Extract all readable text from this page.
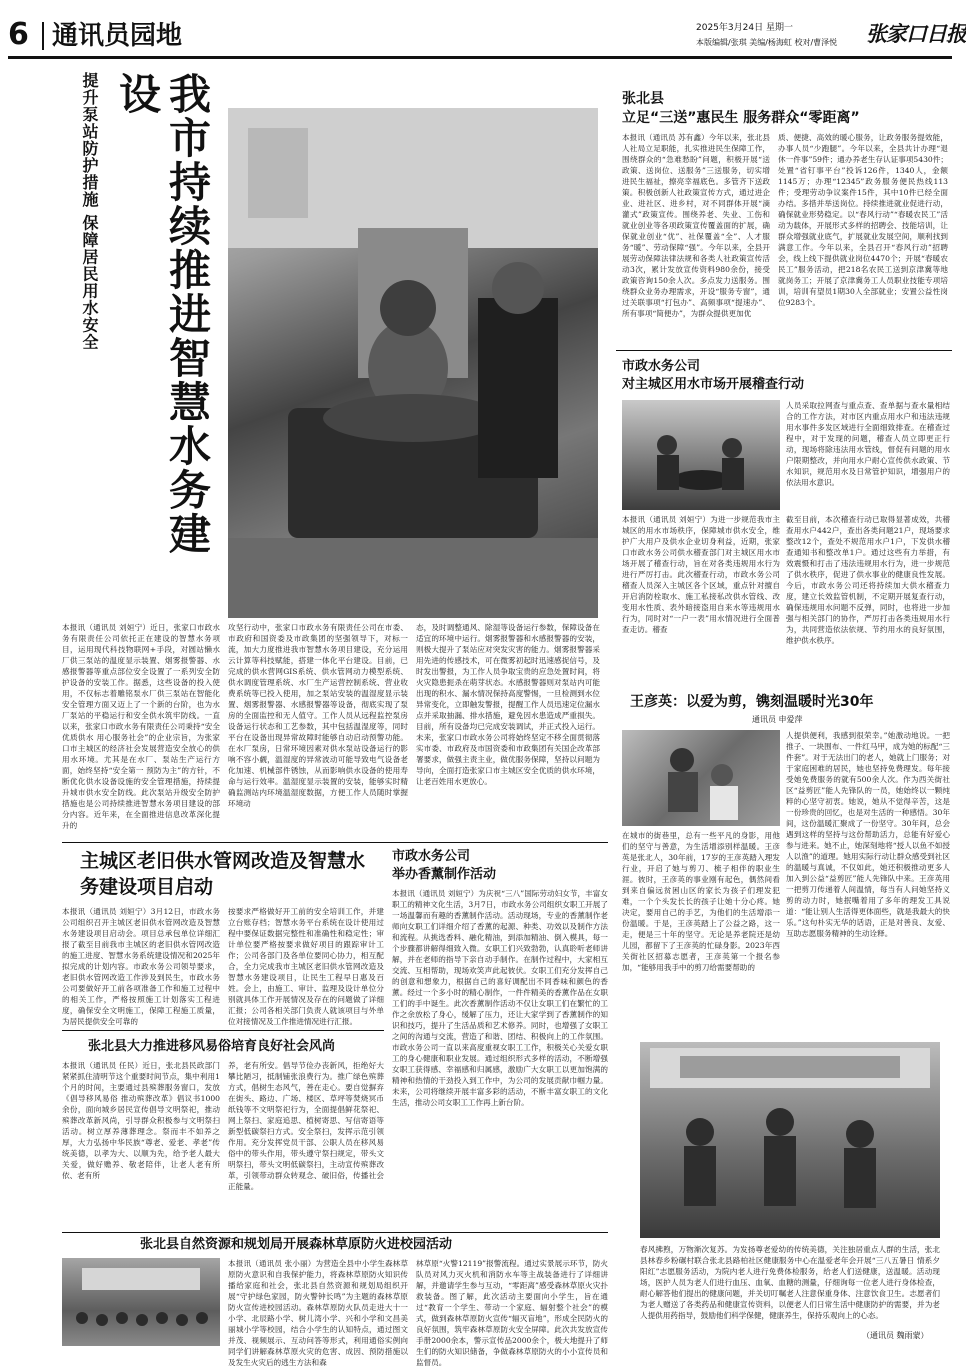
6 通讯员园地	2025年3月24日 星期一
本版编辑/张琪 美编/杨海虹 校对/曹泽悦 张家口日报
我市持续推进智慧水务建设
提升泵站防护措施 保障居民用水安全
本报讯（通讯员 刘姮宁）近日，张家口市政水务有限责任公司依托正在建设的智慧水务项目，运用现代科技物联网+手段，对圆站懒水厂供三泵站的温度显示装置、烟雾报警器、水感报警器等重点部位安全设置了一系列安全防护设备的安装工作。据悉，这些设备的投入使用，不仅标志着雕铭泵水厂供三泵站在智能化安全管理方面又迈上了一个新的台阶，也为水厂泵站的平稳运行和安全供水筑牢防线。一直以来，张家口市政水务有限责任公司秉持“安全优质供水 用心服务社会”的企业宗旨，为张家口市主城区的经济社会发展营造安全放心的供用水环境。尤其是在水厂、泵站生产运行方面，始终坚持“安全第一 预防为主”的方针，不断优化供水设备设施的安全管理措施，持续提升城市供水安全防线。此次泵站升级安全防护措施也是公司持续推进智慧水务项目建设的部分内容。近年来，在全面推进信息改革深化提升的
攻坚行动中，张家口市政水务有限责任公司在市委、市政府和国资委及市政集团的坚强领导下，对标一流，加大力度推进我市智慧水务项目建设，充分运用云计算等科技赋能，搭建一体化平台建设。目前，已完成的供水营网GIS系统、供水管网动力模型系统、供水调度管理系统、水厂生产运营控制系统、营业收费系统等已投入使用，加之泵站安装的温湿度显示装置、烟雾报警器、水感报警器等设备，彻底实现了泵房的全面监控和无人值守。工作人员从远程监控泵房设备运行状态和工艺参数，其中包括温湿度等，同时平台在设备出现异常故障时能够自动启动预警功能。在水厂泵房，日常环境因素对供水泵站设备运行的影响不容小觑，温湿度的异常波动可能导致电气设备老化加速、机械部件锈蚀，从而影响供水设备的使用寿命与运行效率。温湿度显示装置的安装，能够实时精确监测站内环境温湿度数据，方便工作人员随时掌握环境动
态，及时调整通风、除湿等设备运行参数，保障设备在适宜的环境中运行。烟雾报警器和水感报警器的安装，则极大提升了泵站应对突发灾害的能力。烟雾报警器采用先进的传感技术，可在微雾初起时迅速感捉信号，及时发出警报，为工作人员争取宝贵的应急处置时间，将火灾隐患扼杀在萌芽状态。水感报警器则对泵站内可能出现的积水、漏水情况保持高度警惕，一旦检测到水位异常变化，立即触发警报，提醒工作人员迅速定位漏水点并采取抽漏、排水措施，避免因水患造成严重损失。目前，所有设备均已完成安装调试，并正式投入运行。未来，张家口市政水务公司将始终坚定不移全面贯彻落实市委、市政府及市国资委和市政集团有关国企改革部署要求，做强主责主业，做优服务保障，坚持以问题为导向，全面打造张家口市主城区安全优质的供水环境，让老百姓用水更放心。
张北县
立足“三送”惠民生 服务群众“零距离”
本报讯（通讯员 苏有鑫）今年以来，张北县人社局立足职能，扎实推进民生保障工作，围绕群众的“急难愁盼”问题，积极开展“送政策、送岗位、送服务”三送服务，切实增进民生福祉，擦亮幸福底色。多管齐下送政策。积极创新人社政策宣传方式，通过进企业、进社区、进乡村，对不同群体开展“滴灌式”政策宣传。围绕养老、失业、工伤和就业创业等各项政策宣传覆盖面的扩展，确保就业创业“优”、社保覆盖“全”、人才服务“暖”、劳动保障“强”。今年以来，全县开展劳动保障法律法规和各类人社政策宣传活动3次，累计发放宣传资料980余份，接受政策咨询150余人次。多点发力送服务。围绕群众业务办理需求，开设“服务专窗”，通过关联事项“打包办”、高频事项“提速办”、所有事项“简便办”，为群众提供更加优
质、便捷、高效的暖心服务，让政务服务提效能，办事人员“少跑腿”。今年以来，全县共计办理“退休一件事”59件；通办养老生存认证事项5430件；处置“省钉事平台”投诉126件，1340人，金额1145万；办理“12345”政务服务便民热线113件；受理劳动争议案件15件，其中10件已经全面办结。多措并举送岗位。持续推进就业促进行动，确保就业形势稳定。以“春风行动”“春暖农民工”活动为载体，开展形式多样的招聘会、技能培训，让群众增强就业底气，扩展就业发展空间，顺利找到满意工作。今年以来，全县召开“春风行动”招聘会，线上线下提供就业岗位4470个；开展“春暖农民工”服务活动，把218名农民工送到京津冀等地就岗务工；开展了京津冀务工人员职业技能专项培训，培训有望员1期30人全部就业；安置公益性岗位9283个。
市政水务公司
对主城区用水市场开展稽查行动
人员采取拉网查与重点查、查单据与查水量相结合的工作方法，对市区内重点用水户和违法违规用水事件多发区域进行全面细致排查。在稽查过程中，对于发现的问题，稽查人员立即更正行动，现场将除违法用水管线，督促有问题的用水户限期整改，并向用水户耐心宣传供水政策、节水知识，规范用水及日常管护知识，增强用户的依法用水意识。
本报讯（通讯员 刘姮宁）为进一步规范我市主城区的用水市场秩序，保障城市供水安全，维护广大用户及供水企业切身利益，近期，张家口市政水务公司供水稽查部门对主城区用水市场开展了稽查行动，旨在对各类违规用水行为进行严厉打击。此次稽查行动，市政水务公司稽查人员深入主城区各个区域，重点针对擅自开启消防栓取水、施工私接私改供水管线、改变用水性质、表外暗接盗用自来水等违规用水行为，同时对“一户一表”用水情况进行全面普查走访。稽查
截至目前，本次稽查行动已取得显著成效，共稽查用水户442户，查出各类问题21户，现场要求整改12个，查处不规范用水户1户，下发供水稽查通知书和整改单1户。通过这些有力举措，有效震慑和打击了违法违规用水行为，进一步规范了供水秩序，促进了供水事业的健康良性发展。今后，市政水务公司还将持续加大供水稽查力度，建立长效监管机制，不定期开展复查行动，确保违规用水问题不反弹，同时，也将进一步加强与相关部门的协作，严厉打击各类违规用水行为，共同营造依法依规、节约用水的良好氛围，维护供水秩序。
王彦英：以爱为剪，镌刻温暖时光30年
通讯员 申爱萍
在城市的街巷里，总有一些平凡的身影，用他们的坚守与善意，为生活增添别样温暖。王彦英是张北人，30年前，17岁的王彦英踏入理发行业，开启了她与剪刀、梳子相伴的职业生涯。彼时，王彦英的事业刚有起色，偶然间看到来自偏远贫困山区的家长为孩子们理发犯难，一个个头发长长的孩子让她十分心疼。她决定，要用自己的手艺，为他们的生活增添一份温暖。于是，王彦英踏上了公益之路，这一走，便是三十年的坚守。无论是养老院还是幼儿园，都留下了王彦英的忙碌身影。2023年西关街社区招募志愿者，王彦英第一个报名参加，“能够用我手中的剪刀给需要帮助的
人提供便利，我感到很荣幸。”她激动地说。一把推子、一块围布、一件红马甲，成为她的标配“三件套”。对于无法出门的老人，她就上门服务；对于家庭困难的居民，她也坚持免费理发。每年接受她免费服务的就有500余人次。作为西关街社区“益剪匠”能人先锋队的一员，她始终以一颗纯粹的心坚守初衷。她说，她从不觉得辛苦，这是一份珍贵的回忆，也是对生活的一种感悟。30年间，这份温暖汇聚成了一份坚守。30年间，总会遇到这样的坚持与这份帮助活力，总能有好爱心参与进来。她不止，她深刻地将“授人以鱼不如授人以渔”的道理。她用实际行动让群众感受到社区的温暖与真诚，不仅如此，她还积极推动更多人加入到公益“益剪匠”能人先锋队中来。王彦英用一把剪刀传递着人间温情，每当有人问她坚持义剪的动力时，她抿嘴着用了多年的理发工具说道：“能让别人生活得更体面些，就是我最大的快乐。”这句朴实无华的话语，正是对善良、友爱、互助志愿服务精神的生动诠释。
主城区老旧供水管网改造及智慧水务建设项目启动
本报讯（通讯员 刘姮宁）3月12日，市政水务公司组织召开主城区老旧供水管网改造及智慧水务建设项目启动会。项目总承包单位详细汇报了截至目前我市主城区的老旧供水管网改造的施工进度、智慧水务系统建设情况和2025年拟完成的计划内容。市政水务公司领导要求，老旧供水管网改造工作涉及到民生，市政水务公司要做好开工前各项准备工作和施工过程中的相关工作，严格按照施工计划落实工程进度，确保安全文明施工，保障工程施工质量，为居民提供安全可靠的
按要求严格做好开工前的安全培训工作，并建立台账存档；智慧水务平台系统在设计使用过程中要保证数据完整性和准确性和稳定性；审计单位要严格按要求做好项目的跟踪审计工作；公司各部门及各单位要同心协力，相互配合，全力完成我市主城区老旧供水管网改造及智慧水务建设项目，让民生工程早日惠及百姓。会上，由施工、审计、监理及设计单位分别就具体工作开展情况及存在的问题做了详细汇报；公司各相关部门负责人就该项目与外单位对接情况及工作推进情况进行汇报。
市政水务公司
举办香薰制作活动
本报讯（通讯员 刘姮宁）为庆祝“三八”国际劳动妇女节，丰富女职工的精神文化生活，3月7日，市政水务公司组织女职工开展了一场温馨而有趣的香薰制作活动。活动现场，专业的香薰制作老师向女职工们详细介绍了香薰的起源、种类、功效以及制作方法和流程。从挑选香料、融化精油，到添加精油、倒入模具，每一个步骤都讲解得细致入微。女职工们兴致勃勃，认真聆听老师讲解，并在老师的指导下亲自动手制作。在制作过程中，大家相互交流、互相帮助，现场欢笑声此起彼伏。女职工们充分发挥自己的创意和想象力，根据自己的喜好调配出不同香味和颜色的香薰。经过一个多小时的精心制作，一件件精美的香薰作品在女职工们的手中诞生。此次香薰制作活动不仅让女职工们在繁忙的工作之余放松了身心，缓解了压力，还让大家学到了香薰制作的知识和技巧，提升了生活品质和艺术修养。同时，也增强了女职工之间的沟通与交流，营造了和谐、团结、积极向上的工作氛围。市政水务公司一直以来高度重视女职工工作，积极关心关爱女职工的身心健康和职业发展。通过组织形式多样的活动，不断增强女职工获得感、幸福感和归属感，激励广大女职工以更加饱满的精神和热情的干劲投入到工作中，为公司的发展贡献巾帼力量。未来，公司将继续开展丰富多彩的活动，不断丰富女职工的文化生活，推动公司女职工工作再上新台阶。
张北县大力推进移风易俗培育良好社会风尚
本报讯（通讯员 任民）近日，张北县民政部门紧紧抓住清明节这个重要时间节点，集中利用1个月的时间，主要通过县殡葬服务窗口，发放《倡导移风易俗 推动殡葬改革》倡议书1000余份，面向城乡居民宣传倡导文明祭祀，推动殡葬改革新风尚，引导群众积极参与文明祭扫活动。树立厚养薄葬理念。祭而丰不如养之厚，大力弘扬中华民族“尊老、爱老、孝老”传统美德，以孝为大、以顺为先，给予老人最大关爱，做好赡养、敬老陪伴，让老人老有所依、老有所
养，老有所安。倡导节俭办丧新风，拒绝好大攀比陋习，抵制铺张浪费行为。推广绿色殡葬方式，倡树生态风气，善在走心。要自觉摒弃在街头、路边、广场、楼区、草坪等焚烧冥币纸钱等不文明祭祀行为，全面提倡鲜花祭祀、网上祭扫、家庭追思、植树寄思、写信寄语等新型低碳祭扫方式。安全祭扫，发挥示范引领作用。充分发挥党员干部、公职人员在移风易俗中的带头作用，带头遵守祭扫规定，带头文明祭扫，带头文明低碳祭扫，主动宣传殡葬改革，引领带动群众转观念、破旧俗，传播社会正能量。
张北县自然资源和规划局开展森林草原防火进校园活动
本报讯（通讯员 张小丽）为营造全县中小学生森林草原防火意识和自我保护能力，将森林草原防火知识传播给家庭和社会，张北县自然资源和规划局组织开展“守护绿色家园，防火警钟长鸣”为主题的森林草原防火宣传进校园活动。森林草原防火队员走进大十一小学、北辰路小学、树儿湾小学、兴和小学和文昌美丽城小学等校园，结合小学生的认知特点，通过图文并茂、视频展示、互动问答等形式，利用通俗实例向同学们讲解森林草原火灾的危害、成因、预防措施以及发生火灾后的逃生方法和森
林草原“火警12119”报警流程。通过实景展示环节，防火队员对风力灭火机和消防水车等主战装备进行了详细讲解，并邀请学生参与互动，“零距离”感受森林草原火灾扑救装备。图了解，此次活动主要面向小学生，旨在通过“教育一个学生、带动一个家庭、辐射整个社会”的模式，做到森林草原防火宣传“辐灭盲地”，形成全民防火的良好氛围，筑牢森林草原防火安全屏障。此次共发放宣传手册2000余本，警示宣传品2000余个，极大地提升了师生们的防火知识储备，争做森林草原防火的小小宣传员和监督员。
春风拂煦，万物渐次复苏。为发扬尊老爱幼的传统美德，关注独居重点人群的生活，张北县林春乡粉碾村联合张北县路柏社区健康服务中心在温爱老年会开展“三八五暑日 情系夕阳红”志愿服务活动，为院内老人进行免费体检服务，给老人们送健康，送温暖。活动现场，医护人员为老人们进行血压、血氧、血糖的测量，仔细询每一位老人进行身体检查，耐心解答他们提出的健康问题，并关切叮嘱老人注意保重身体、注意饮食卫生。志愿者们为老人赠送了各类药品和健康宣传资料，以便老人们日常生活中健康防护的需要，并为老人提供用药指导，鼓励他们科学保健，健康养生，保持乐观向上的心态。
（通讯员 魏雨蒙）
